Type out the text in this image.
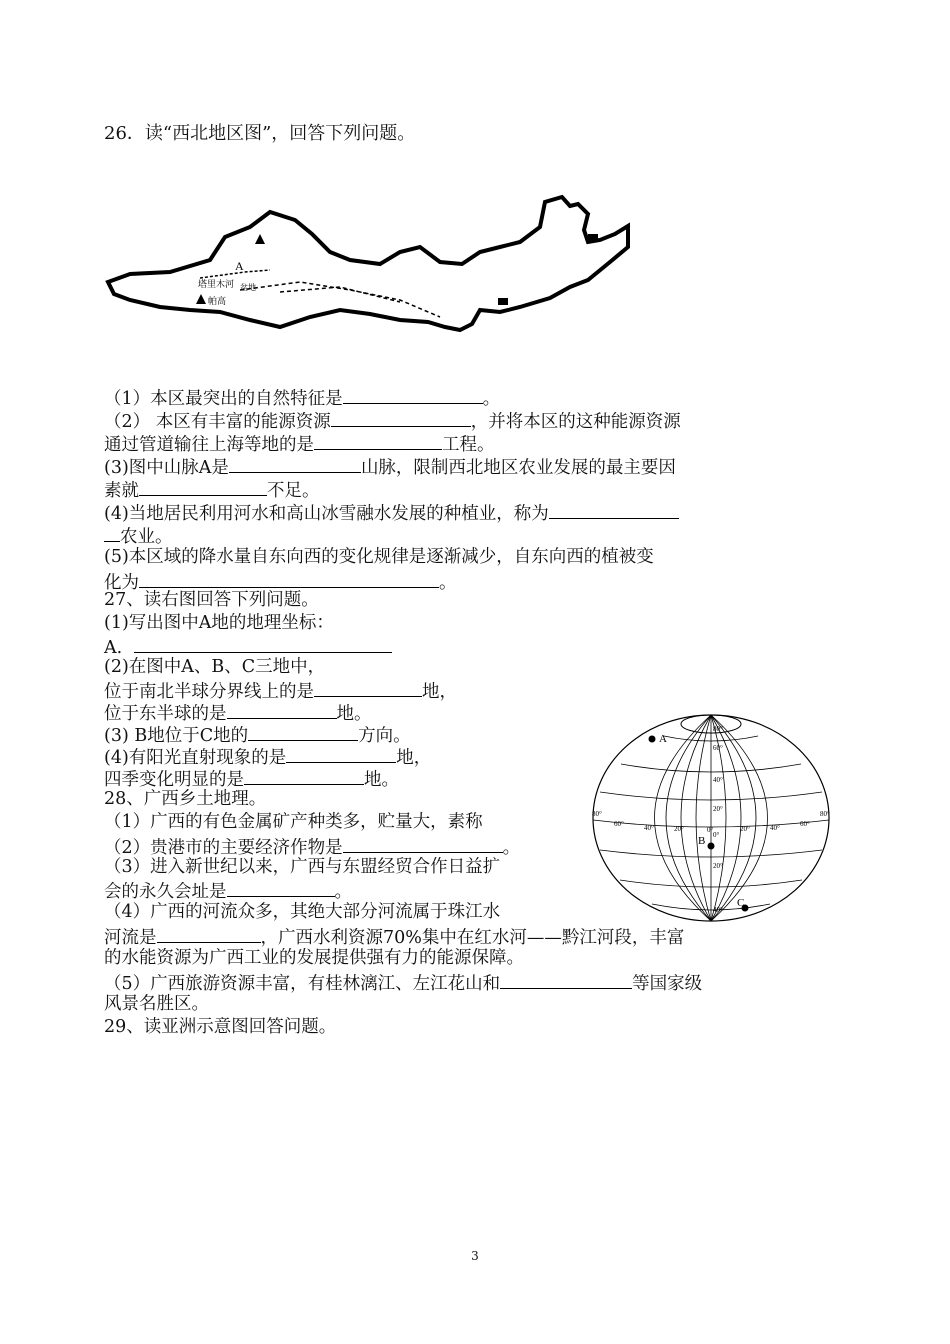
26．读“西北地区图”，回答下列问题。
A
塔里木河 盆地
帕高
（1）本区最突出的自然特征是	。
（2） 本区有丰富的能源资源	，并将本区的这种能源资源
通过管道输往上海等地的是	工程。
(3)图中山脉A是	山脉，限制西北地区农业发展的最主要因
素就	不足。
(4)当地居民利用河水和高山冰雪融水发展的种植业，称为
农业。
(5)本区域的降水量自东向西的变化规律是逐渐减少，自东向西的植被变
化为	。
27、读右图回答下列问题。
(1)写出图中A地的地理坐标：
A.
(2)在图中A、B、C三地中，
位于南北半球分界线上的是	地，
位于东半球的是	地。
(3) B地位于C地的	方向。
(4)有阳光直射现象的是	地，
四季变化明显的是	地。
28、广西乡土地理。
（1）广西的有色金属矿产种类多，贮量大，素称
（2）贵港市的主要经济作物是	。
（3）进入新世纪以来，广西与东盟经贸合作日益扩
会的永久会址是	。
（4）广西的河流众多，其绝大部分河流属于珠江水
河流是	，广西水利资源70%集中在红水河——黔江河段，丰富
的水能资源为广西工业的发展提供强有力的能源保障。
（5）广西旅游资源丰富，有桂林漓江、左江花山和	等国家级
风景名胜区。
29、读亚洲示意图回答问题。
A
B
C
80°
60°
40°
20°
0°
20°
40°
80°
60°	40°	20°	0°	20°	40°	60°
80°
3
